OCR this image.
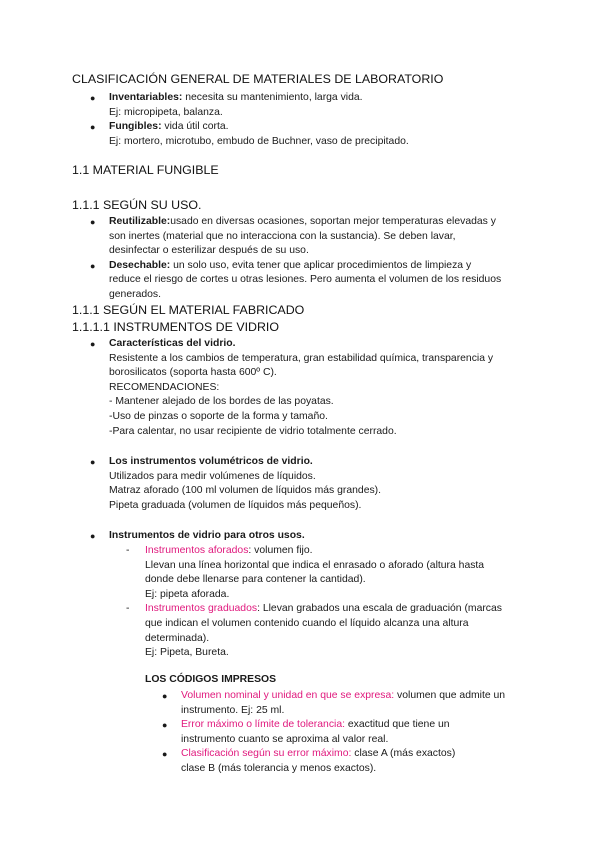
CLASIFICACIÓN GENERAL DE MATERIALES DE LABORATORIO
● Inventariables: necesita su mantenimiento, larga vida.

Ej: micropipeta, balanza.

● Fungibles: vida útil corta.

Ej: mortero, microtubo, embudo de Buchner, vaso de precipitado.

1.1 MATERIAL FUNGIBLE
1.1.1 SEGÚN SU USO.
● Reutilizable:usado en diversas ocasiones, soportan mejor temperaturas elevadas y

son inertes (material que no interacciona con la sustancia). Se deben lavar,

desinfectar o esterilizar después de su uso.

● Desechable: un solo uso, evita tener que aplicar procedimientos de limpieza y

reduce el riesgo de cortes u otras lesiones. Pero aumenta el volumen de los residuos

generados.

1.1.1 SEGÚN EL MATERIAL FABRICADO
1.1.1.1 INSTRUMENTOS DE VIDRIO
● Características del vidrio.

Resistente a los cambios de temperatura, gran estabilidad química, transparencia y

borosilicatos (soporta hasta 600º C).

RECOMENDACIONES:

- Mantener alejado de los bordes de las poyatas.

-Uso de pinzas o soporte de la forma y tamaño.

-Para calentar, no usar recipiente de vidrio totalmente cerrado.

● Los instrumentos volumétricos de vidrio.

Utilizados para medir volúmenes de líquidos.

Matraz aforado (100 ml volumen de líquidos más grandes).

Pipeta graduada (volumen de líquidos más pequeños).

● Instrumentos de vidrio para otros usos.

- Instrumentos aforados: volumen fijo.

Llevan una línea horizontal que indica el enrasado o aforado (altura hasta

donde debe llenarse para contener la cantidad).

Ej: pipeta aforada.

- Instrumentos graduados: Llevan grabados una escala de graduación (marcas

que indican el volumen contenido cuando el líquido alcanza una altura

determinada).

Ej: Pipeta, Bureta.

LOS CÓDIGOS IMPRESOS
● Volumen nominal y unidad en que se expresa: volumen que admite un

instrumento. Ej: 25 ml.

● Error máximo o límite de tolerancia: exactitud que tiene un

instrumento cuanto se aproxima al valor real.

● Clasificación según su error máximo: clase A (más exactos)

clase B (más tolerancia y menos exactos).
